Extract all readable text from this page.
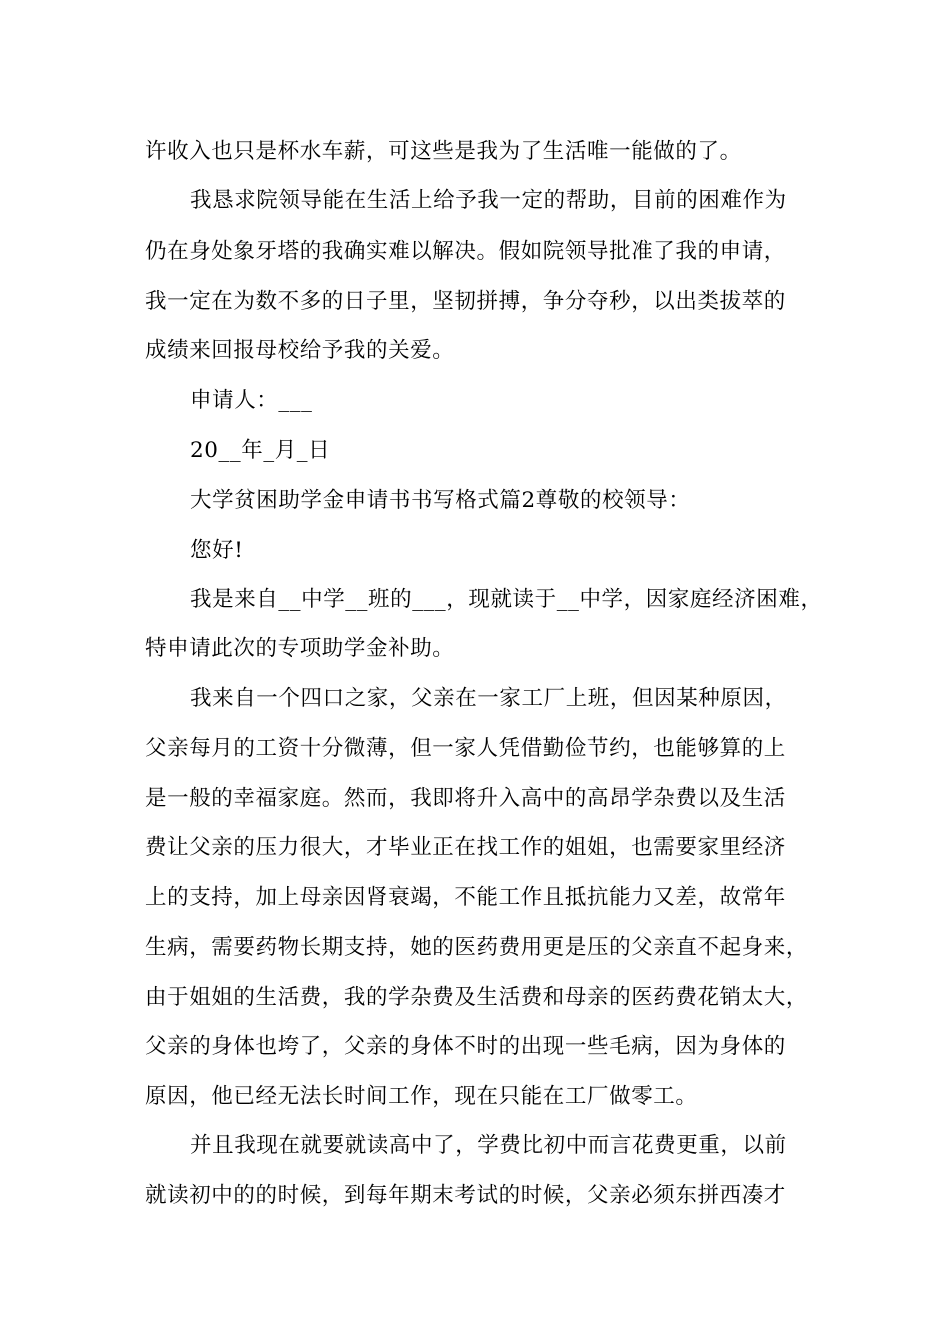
许收入也只是杯水车薪，可这些是我为了生活唯一能做的了。
我恳求院领导能在生活上给予我一定的帮助，目前的困难作为
仍在身处象牙塔的我确实难以解决。假如院领导批准了我的申请，
我一定在为数不多的日子里，坚韧拼搏，争分夺秒，以出类拔萃的
成绩来回报母校给予我的关爱。
申请人：___
20__年_月_日
大学贫困助学金申请书书写格式篇2尊敬的校领导：
您好!
我是来自__中学__班的___，现就读于__中学，因家庭经济困难，
特申请此次的专项助学金补助。
我来自一个四口之家，父亲在一家工厂上班，但因某种原因，
父亲每月的工资十分微薄，但一家人凭借勤俭节约，也能够算的上
是一般的幸福家庭。然而，我即将升入高中的高昂学杂费以及生活
费让父亲的压力很大，才毕业正在找工作的姐姐，也需要家里经济
上的支持，加上母亲因肾衰竭，不能工作且抵抗能力又差，故常年
生病，需要药物长期支持，她的医药费用更是压的父亲直不起身来，
由于姐姐的生活费，我的学杂费及生活费和母亲的医药费花销太大，
父亲的身体也垮了，父亲的身体不时的出现一些毛病，因为身体的
原因，他已经无法长时间工作，现在只能在工厂做零工。
并且我现在就要就读高中了，学费比初中而言花费更重，以前
就读初中的的时候，到每年期末考试的时候，父亲必须东拼西凑才
